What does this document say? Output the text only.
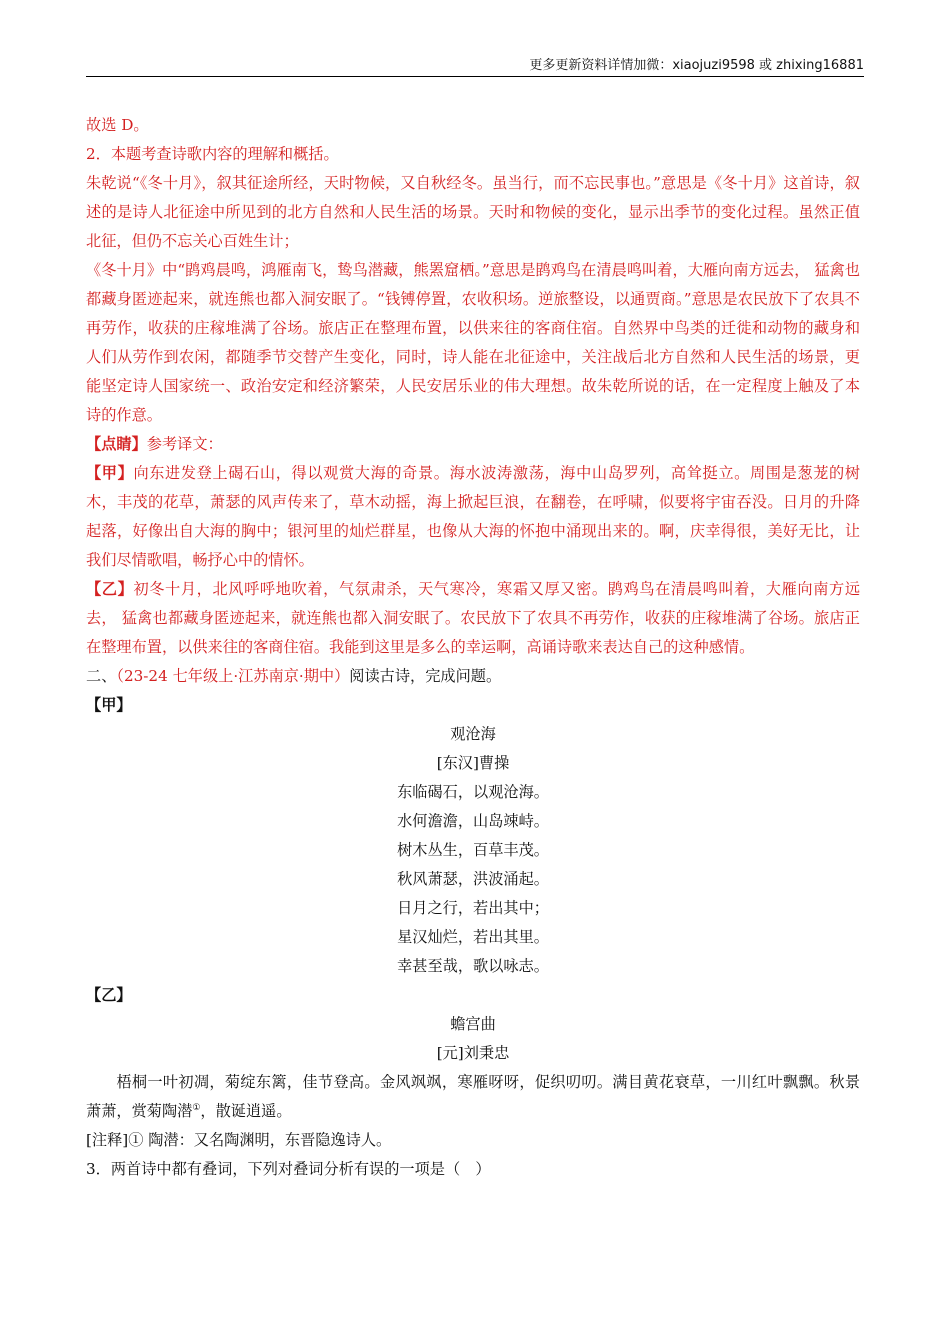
更多更新资料详情加微：xiaojuzi9598 或 zhixing16881

故选 D。

2．本题考查诗歌内容的理解和概括。

朱乾说“《冬十月》，叙其征途所经，天时物候，又自秋经冬。虽当行，而不忘民事也。”意思是《冬十月》这首诗，叙述的是诗人北征途中所见到的北方自然和人民生活的场景。天时和物候的变化，显示出季节的变化过程。虽然正值北征，但仍不忘关心百姓生计；

《冬十月》中“鹍鸡晨鸣，鸿雁南飞，鸷鸟潜藏，熊罴窟栖。”意思是鹍鸡鸟在清晨鸣叫着，大雁向南方远去， 猛禽也都藏身匿迹起来，就连熊也都入洞安眠了。“钱镈停置，农收积场。逆旅整设，以通贾商。”意思是农民放下了农具不再劳作，收获的庄稼堆满了谷场。旅店正在整理布置，以供来往的客商住宿。自然界中鸟类的迁徙和动物的藏身和人们从劳作到农闲，都随季节交替产生变化，同时，诗人能在北征途中，关注战后北方自然和人民生活的场景，更能坚定诗人国家统一、政治安定和经济繁荣，人民安居乐业的伟大理想。故朱乾所说的话，在一定程度上触及了本诗的作意。

【点睛】参考译文：

【甲】向东进发登上碣石山，得以观赏大海的奇景。海水波涛激荡，海中山岛罗列，高耸挺立。周围是葱茏的树木，丰茂的花草，萧瑟的风声传来了，草木动摇，海上掀起巨浪，在翻卷，在呼啸，似要将宇宙吞没。日月的升降起落，好像出自大海的胸中；银河里的灿烂群星，也像从大海的怀抱中涌现出来的。啊，庆幸得很，美好无比，让我们尽情歌唱，畅抒心中的情怀。

【乙】初冬十月，北风呼呼地吹着，气氛肃杀，天气寒冷，寒霜又厚又密。鹍鸡鸟在清晨鸣叫着，大雁向南方远去， 猛禽也都藏身匿迹起来，就连熊也都入洞安眠了。农民放下了农具不再劳作，收获的庄稼堆满了谷场。旅店正在整理布置，以供来往的客商住宿。我能到这里是多么的幸运啊，高诵诗歌来表达自己的这种感情。

二、（23-24 七年级上·江苏南京·期中）阅读古诗，完成问题。

【甲】

观沧海

[东汉]曹操

东临碣石，以观沧海。

水何澹澹，山岛竦峙。

树木丛生，百草丰茂。

秋风萧瑟，洪波涌起。

日月之行，若出其中；

星汉灿烂，若出其里。

幸甚至哉，歌以咏志。

【乙】

蟾宫曲

[元]刘秉忠

梧桐一叶初凋，菊绽东篱，佳节登高。金风飒飒，寒雁呀呀，促织叨叨。满目黄花衰草，一川红叶飘飘。秋景萧萧，赏菊陶潜①，散诞逍遥。

[注释]① 陶潜：又名陶渊明，东晋隐逸诗人。

3．两首诗中都有叠词，下列对叠词分析有误的一项是（　）
